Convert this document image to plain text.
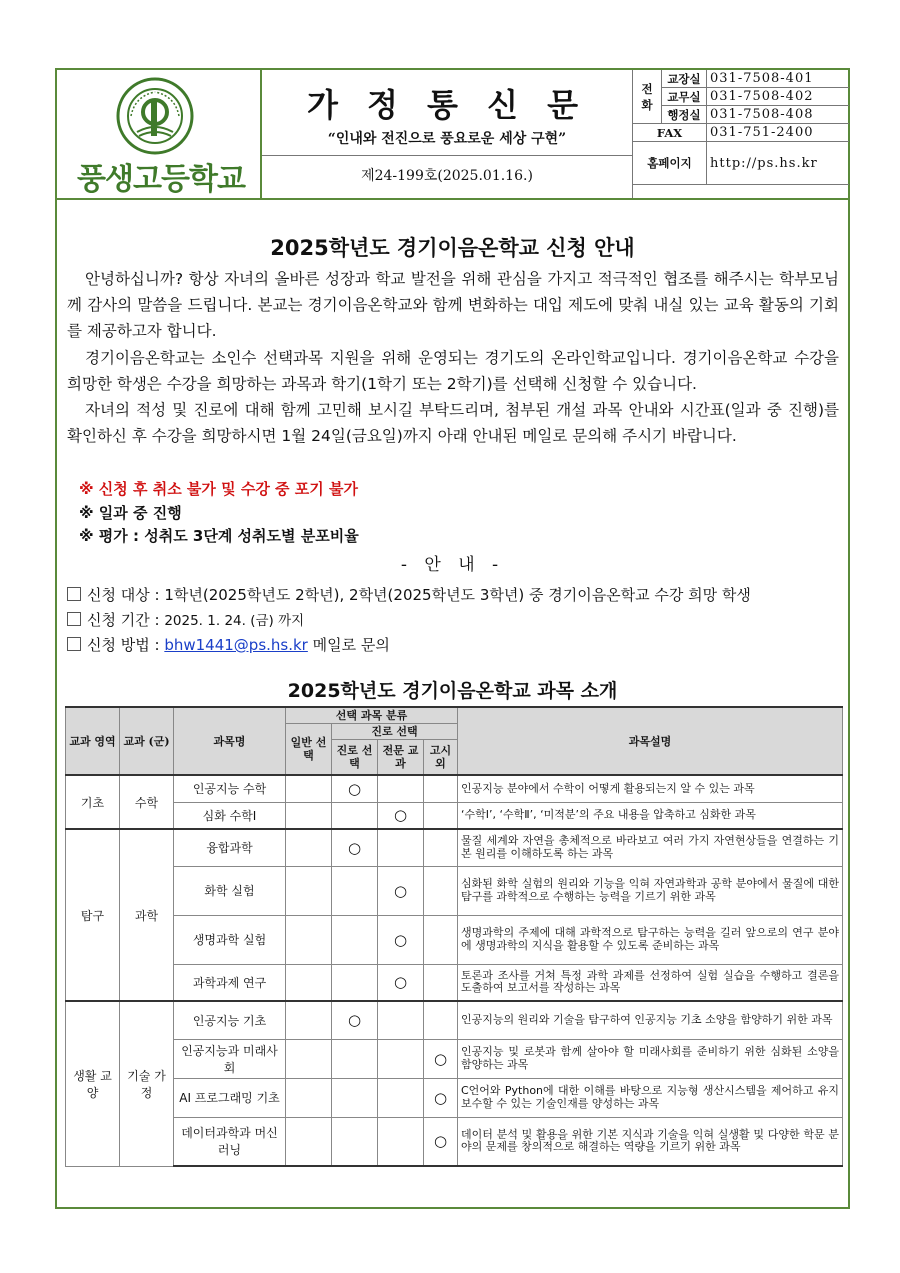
풍생고등학교
가 정 통 신 문
“인내와 전진으로 풍요로운 세상 구현”
제24-199호(2025.01.16.)
전화	교장실	031-7508-401
	교무실	031-7508-402
	행정실	031-7508-408
FAX		031-751-2400
홈페이지		http://ps.hs.kr
2025학년도 경기이음온학교 신청 안내

안녕하십니까? 항상 자녀의 올바른 성장과 학교 발전을 위해 관심을 가지고 적극적인 협조를 해주시는 학부모님께 감사의 말씀을 드립니다. 본교는 경기이음온학교와 함께 변화하는 대입 제도에 맞춰 내실 있는 교육 활동의 기회를 제공하고자 합니다.

경기이음온학교는 소인수 선택과목 지원을 위해 운영되는 경기도의 온라인학교입니다. 경기이음온학교 수강을 희망한 학생은 수강을 희망하는 과목과 학기(1학기 또는 2학기)를 선택해 신청할 수 있습니다.

자녀의 적성 및 진로에 대해 함께 고민해 보시길 부탁드리며, 첨부된 개설 과목 안내와 시간표(일과 중 진행)를 확인하신 후 수강을 희망하시면 1월 24일(금요일)까지 아래 안내된 메일로 문의해 주시기 바랍니다.

※ 신청 후 취소 불가 및 수강 중 포기 불가
※ 일과 중 진행
※ 평가 : 성취도 3단계 성취도별 분포비율
- 안 내 -
신청 대상 : 1학년(2025학년도 2학년), 2학년(2025학년도 3학년) 중 경기이음온학교 수강 희망 학생
신청 기간 : 2025. 1. 24. (금) 까지
신청 방법 : bhw1441@ps.hs.kr 메일로 문의
2025학년도 경기이음온학교 과목 소개
교과 영역	교과 (군)	과목명	선택 과목 분류				과목설명
			일반 선택	진로 선택			
				진로 선택	전문 교과	고시 외	
기초	수학	인공지능 수학		○			인공지능 분야에서 수학이 어떻게 활용되는지 알 수 있는 과목
		심화 수학Ⅰ			○		‘수학Ⅰ’, ‘수학Ⅱ’, ‘미적분’의 주요 내용을 압축하고 심화한 과목
탐구	과학	융합과학		○			물질 세계와 자연을 총체적으로 바라보고 여러 가지 자연현상들을 연결하는 기본 원리를 이해하도록 하는 과목
		화학 실험			○		심화된 화학 실험의 원리와 기능을 익혀 자연과학과 공학 분야에서 물질에 대한 탐구를 과학적으로 수행하는 능력을 기르기 위한 과목
		생명과학 실험			○		생명과학의 주제에 대해 과학적으로 탐구하는 능력을 길러 앞으로의 연구 분야에 생명과학의 지식을 활용할 수 있도록 준비하는 과목
		과학과제 연구			○		토론과 조사를 거쳐 특정 과학 과제를 선정하여 실험 실습을 수행하고 결론을 도출하여 보고서를 작성하는 과목
생활 교양	기술 가정	인공지능 기초		○			인공지능의 원리와 기술을 탐구하여 인공지능 기초 소양을 함양하기 위한 과목
		인공지능과 미래사회				○	인공지능 및 로봇과 함께 살아야 할 미래사회를 준비하기 위한 심화된 소양을 함양하는 과목
		AI 프로그래밍 기초				○	C언어와 Python에 대한 이해를 바탕으로 지능형 생산시스템을 제어하고 유지 보수할 수 있는 기술인재를 양성하는 과목
		데이터과학과 머신러닝				○	데이터 분석 및 활용을 위한 기본 지식과 기술을 익혀 실생활 및 다양한 학문 분야의 문제를 창의적으로 해결하는 역량을 기르기 위한 과목
